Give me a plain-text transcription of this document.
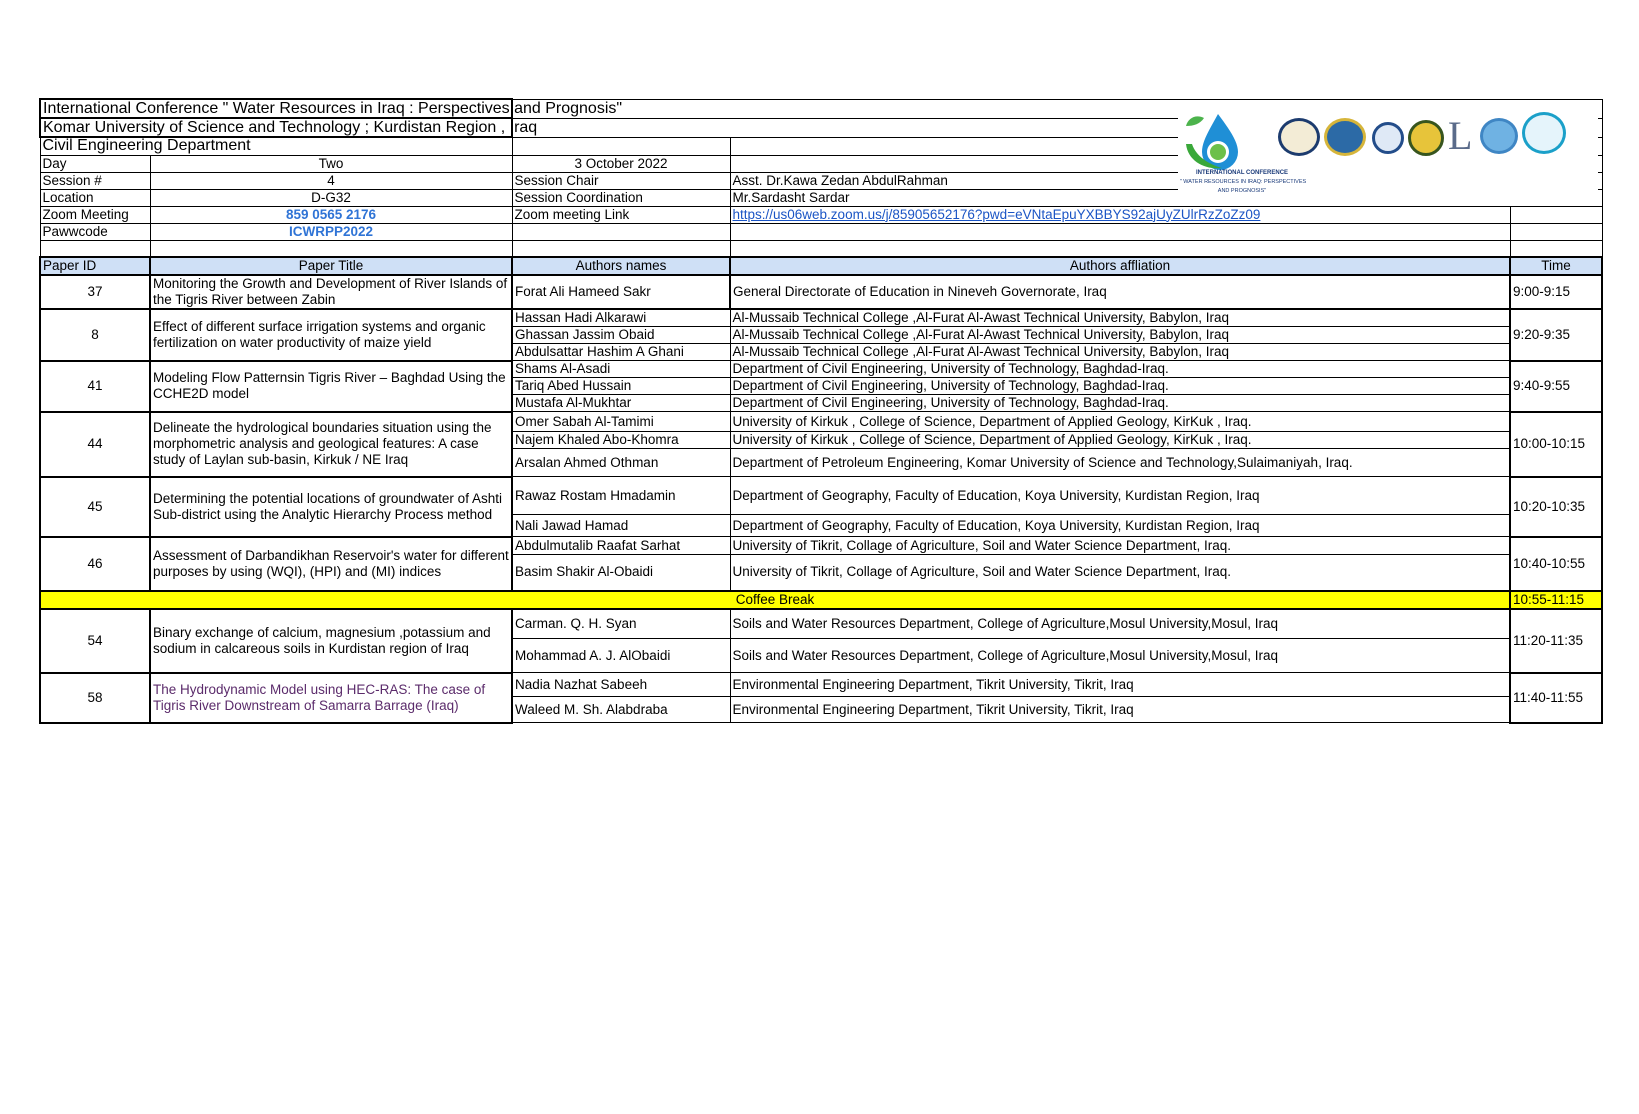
International Conference " Water Resources in Iraq : Perspectives and Prognosis"				
Komar University of Science and Technology ; Kurdistan Region , Iraq				
Civil Engineering Department				
Day	Two	3 October 2022		
Session #	4	Session Chair	Asst. Dr.Kawa Zedan AbdulRahman	
Location	D-G32	Session Coordination	Mr.Sardasht Sardar	
Zoom Meeting	859 0565 2176	Zoom meeting Link	https://us06web.zoom.us/j/85905652176?pwd=eVNtaEpuYXBBYS92ajUyZUlrRzZoZz09	
Pawwcode	ICWRPP2022			

Paper ID	Paper Title	Authors names	Authors affliation	Time
37	Monitoring the Growth and Development of River Islands of the Tigris River between Zabin	Forat Ali Hameed Sakr	General Directorate of Education in Nineveh Governorate, Iraq	9:00-9:15
8	Effect of different surface irrigation systems and organic fertilization on water productivity of maize yield	Hassan Hadi Alkarawi	Al-Mussaib Technical College ,Al-Furat Al-Awast Technical University, Babylon, Iraq	9:20-9:35
		Ghassan Jassim Obaid	Al-Mussaib Technical College ,Al-Furat Al-Awast Technical University, Babylon, Iraq	
		Abdulsattar Hashim A Ghani	Al-Mussaib Technical College ,Al-Furat Al-Awast Technical University, Babylon, Iraq	
41	Modeling Flow Patternsin Tigris River – Baghdad Using the CCHE2D model	Shams Al-Asadi	Department of Civil Engineering, University of Technology, Baghdad-Iraq.	9:40-9:55
		Tariq Abed Hussain	Department of Civil Engineering, University of Technology, Baghdad-Iraq.	
		Mustafa Al-Mukhtar	Department of Civil Engineering, University of Technology, Baghdad-Iraq.	
44	Delineate the hydrological boundaries situation using the morphometric analysis and geological features: A case study of Laylan sub-basin, Kirkuk / NE Iraq	Omer Sabah Al-Tamimi	University of Kirkuk , College of Science, Department of Applied Geology, KirKuk , Iraq.	10:00-10:15
		Najem Khaled Abo-Khomra	University of Kirkuk , College of Science, Department of Applied Geology, KirKuk , Iraq.	
		Arsalan Ahmed Othman	Department of Petroleum Engineering, Komar University of Science and Technology,Sulaimaniyah, Iraq.	
45	Determining the potential locations of groundwater of Ashti Sub-district using the Analytic Hierarchy Process method	Rawaz Rostam Hmadamin	Department of Geography, Faculty of Education, Koya University, Kurdistan Region, Iraq	10:20-10:35
		Nali Jawad Hamad	Department of Geography, Faculty of Education, Koya University, Kurdistan Region, Iraq	
46	Assessment of Darbandikhan Reservoir's water for different purposes by using (WQI), (HPI) and (MI) indices	Abdulmutalib Raafat Sarhat	University of Tikrit, Collage of Agriculture, Soil and Water Science Department, Iraq.	10:40-10:55
		Basim Shakir Al-Obaidi	University of Tikrit, Collage of Agriculture, Soil and Water Science Department, Iraq.	
Coffee Break				10:55-11:15
54	Binary exchange of calcium, magnesium ,potassium and sodium in calcareous soils in Kurdistan region of Iraq	Carman. Q. H. Syan	Soils and Water Resources Department, College of Agriculture,Mosul University,Mosul, Iraq	11:20-11:35
		Mohammad A. J. AlObaidi	Soils and Water Resources Department, College of Agriculture,Mosul University,Mosul, Iraq	
58	The Hydrodynamic Model using HEC-RAS: The case of Tigris River Downstream of Samarra Barrage (Iraq)	Nadia Nazhat Sabeeh	Environmental Engineering Department, Tikrit University, Tikrit, Iraq	11:40-11:55
		Waleed M. Sh. Alabdraba	Environmental Engineering Department, Tikrit University, Tikrit, Iraq	
INTERNATIONAL CONFERENCE
" WATER RESOURCES IN IRAQ: PERSPECTIVES
AND PROGNOSIS"
L
